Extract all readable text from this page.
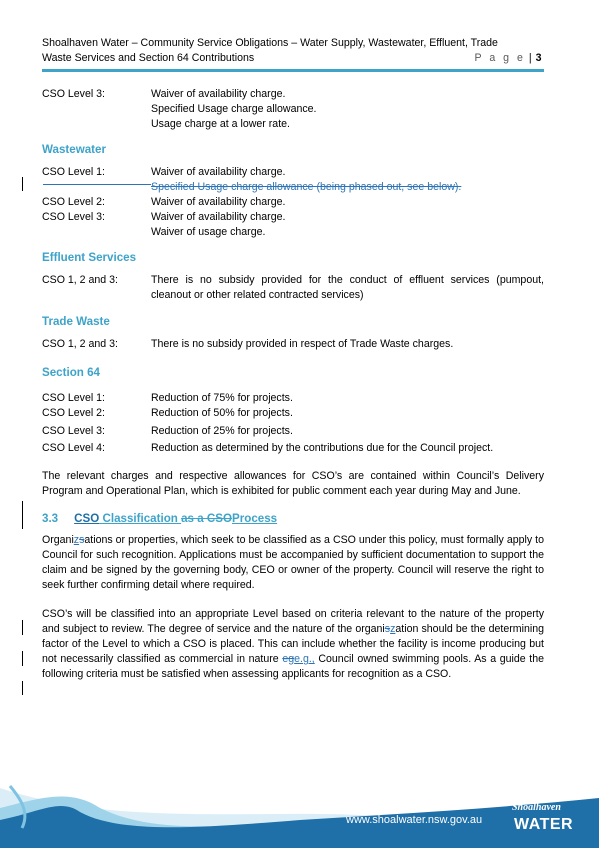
Shoalhaven Water – Community Service Obligations – Water Supply, Wastewater, Effluent, Trade
Waste Services and Section 64 Contributions	P a g e | 3
CSO Level 3:	Waiver of availability charge.
Specified Usage charge allowance.
Usage charge at a lower rate.
Wastewater
CSO Level 1:	Waiver of availability charge.
Specified Usage charge allowance (being phased out, see below).
CSO Level 2:	Waiver of availability charge.
CSO Level 3:	Waiver of availability charge.
Waiver of usage charge.
Effluent Services
CSO 1, 2 and 3:	There is no subsidy provided for the conduct of effluent services (pumpout, cleanout or other related contracted services)
Trade Waste
CSO 1, 2 and 3:	There is no subsidy provided in respect of Trade Waste charges.
Section 64
CSO Level 1:	Reduction of 75% for projects.
CSO Level 2:	Reduction of 50% for projects.
CSO Level 3:	Reduction of 25% for projects.
CSO Level 4:	Reduction as determined by the contributions due for the Council project.
The relevant charges and respective allowances for CSO’s are contained within Council’s Delivery Program and Operational Plan, which is exhibited for public comment each year during May and June.
3.3 CSO Classification as a CSOProcess
Organizsations or properties, which seek to be classified as a CSO under this policy, must formally apply to Council for such recognition. Applications must be accompanied by sufficient documentation to support the claim and be signed by the governing body, CEO or owner of the property. Council will reserve the right to seek further confirming detail where required.
CSO’s will be classified into an appropriate Level based on criteria relevant to the nature of the property and subject to review. The degree of service and the nature of the organiszation should be the determining factor of the Level to which a CSO is placed. This can include whether the facility is income producing but not necessarily classified as commercial in nature ege.g., Council owned swimming pools. As a guide the following criteria must be satisfied when assessing applicants for recognition as a CSO.
www.shoalwater.nsw.gov.au
Shoalhaven
WATER
